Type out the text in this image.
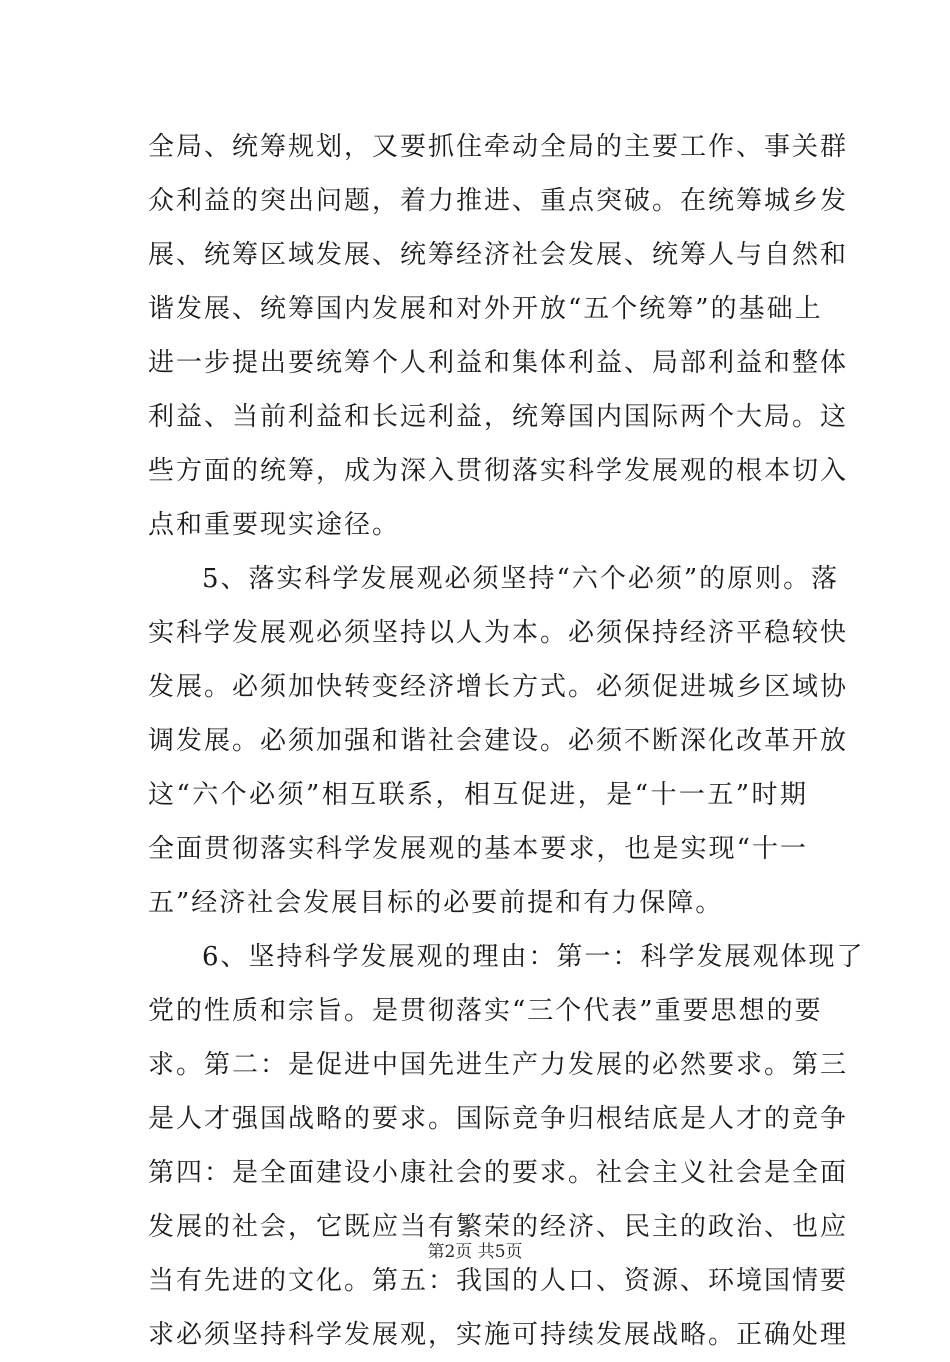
全局、统筹规划，又要抓住牵动全局的主要工作、事关群
众利益的突出问题，着力推进、重点突破。在统筹城乡发
展、统筹区域发展、统筹经济社会发展、统筹人与自然和
谐发展、统筹国内发展和对外开放“五个统筹”的基础上
进一步提出要统筹个人利益和集体利益、局部利益和整体
利益、当前利益和长远利益，统筹国内国际两个大局。这
些方面的统筹，成为深入贯彻落实科学发展观的根本切入
点和重要现实途径。
5、落实科学发展观必须坚持“六个必须”的原则。落
实科学发展观必须坚持以人为本。必须保持经济平稳较快
发展。必须加快转变经济增长方式。必须促进城乡区域协
调发展。必须加强和谐社会建设。必须不断深化改革开放
这“六个必须”相互联系，相互促进，是“十一五”时期
全面贯彻落实科学发展观的基本要求，也是实现“十一
五”经济社会发展目标的必要前提和有力保障。
6、坚持科学发展观的理由：第一：科学发展观体现了
党的性质和宗旨。是贯彻落实“三个代表”重要思想的要
求。第二：是促进中国先进生产力发展的必然要求。第三
是人才强国战略的要求。国际竞争归根结底是人才的竞争
第四：是全面建设小康社会的要求。社会主义社会是全面
发展的社会，它既应当有繁荣的经济、民主的政治、也应
当有先进的文化。第五：我国的人口、资源、环境国情要
求必须坚持科学发展观，实施可持续发展战略。正确处理
第2页 共5页
